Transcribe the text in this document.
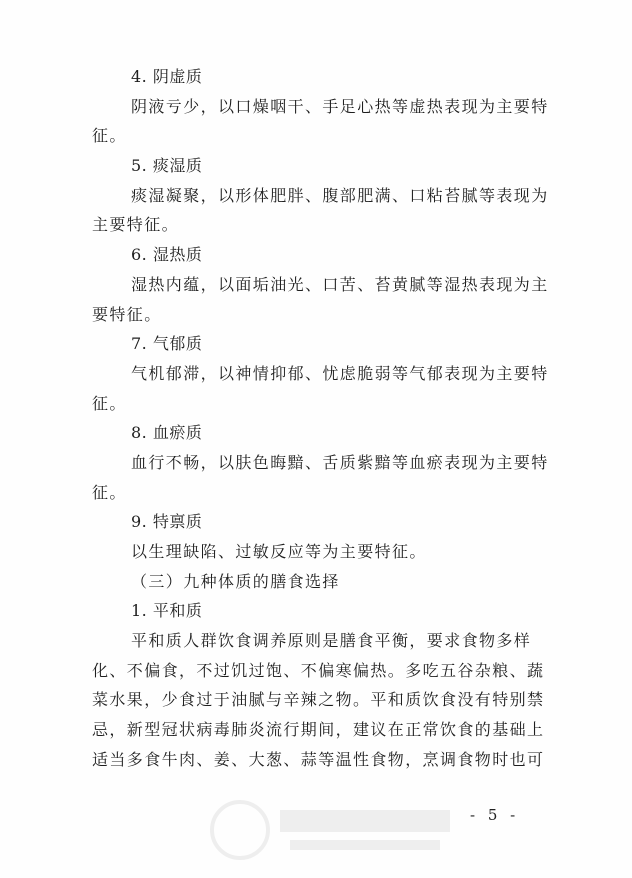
4. 阴虚质
阴液亏少，以口燥咽干、手足心热等虚热表现为主要特
征。
5. 痰湿质
痰湿凝聚，以形体肥胖、腹部肥满、口粘苔腻等表现为
主要特征。
6. 湿热质
湿热内蕴，以面垢油光、口苦、苔黄腻等湿热表现为主
要特征。
7. 气郁质
气机郁滞，以神情抑郁、忧虑脆弱等气郁表现为主要特
征。
8. 血瘀质
血行不畅，以肤色晦黯、舌质紫黯等血瘀表现为主要特
征。
9. 特禀质
以生理缺陷、过敏反应等为主要特征。
（三）九种体质的膳食选择
1. 平和质
平和质人群饮食调养原则是膳食平衡，要求食物多样
化、不偏食，不过饥过饱、不偏寒偏热。多吃五谷杂粮、蔬
菜水果，少食过于油腻与辛辣之物。平和质饮食没有特别禁
忌，新型冠状病毒肺炎流行期间，建议在正常饮食的基础上
适当多食牛肉、姜、大葱、蒜等温性食物，烹调食物时也可
- 5 -
